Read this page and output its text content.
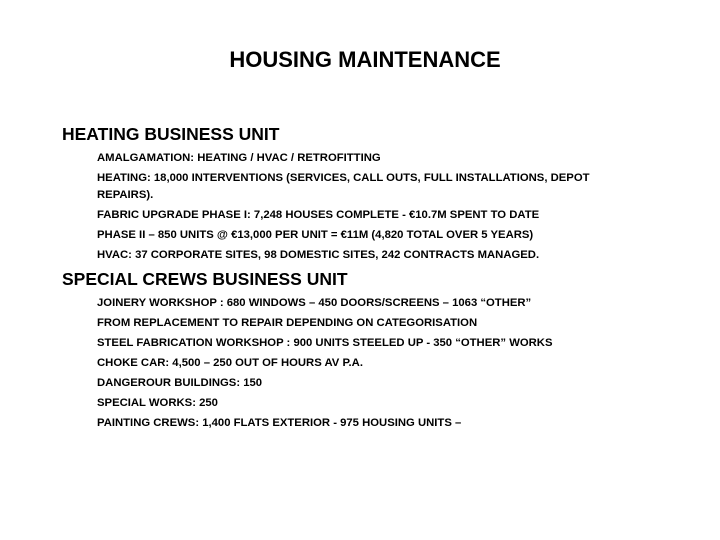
HOUSING MAINTENANCE
HEATING BUSINESS UNIT
AMALGAMATION: HEATING / HVAC / RETROFITTING
HEATING: 18,000 INTERVENTIONS (SERVICES, CALL OUTS, FULL INSTALLATIONS, DEPOT REPAIRS).
FABRIC UPGRADE PHASE I: 7,248 HOUSES COMPLETE - €10.7M SPENT TO DATE
PHASE II – 850 UNITS @ €13,000 PER UNIT = €11M (4,820 TOTAL OVER 5 YEARS)
HVAC: 37 CORPORATE SITES, 98 DOMESTIC SITES, 242 CONTRACTS MANAGED.
SPECIAL CREWS BUSINESS UNIT
JOINERY WORKSHOP : 680 WINDOWS – 450 DOORS/SCREENS – 1063 “OTHER”
FROM REPLACEMENT TO REPAIR DEPENDING ON CATEGORISATION
STEEL FABRICATION WORKSHOP : 900 UNITS STEELED UP - 350 “OTHER” WORKS
CHOKE CAR: 4,500 – 250 OUT OF HOURS AV P.A.
DANGEROUR BUILDINGS: 150
SPECIAL WORKS: 250
PAINTING CREWS: 1,400 FLATS EXTERIOR - 975 HOUSING UNITS –
